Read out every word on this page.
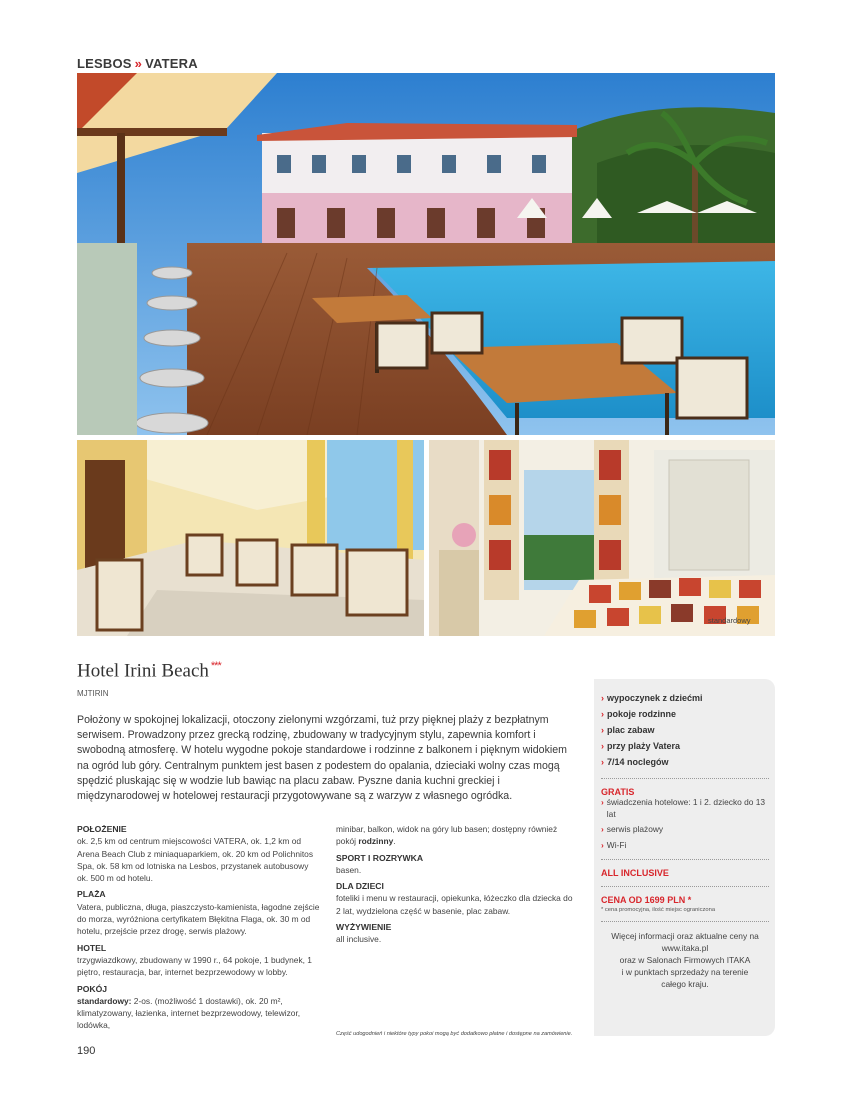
LESBOS » VATERA
standardowy
Hotel Irini Beach ***
MJTIRIN
Położony w spokojnej lokalizacji, otoczony zielonymi wzgórzami, tuż przy pięknej plaży z bezpłatnym serwisem. Prowadzony przez grecką rodzinę, zbudowany w tradycyjnym stylu, zapewnia komfort i swobodną atmosferę. W hotelu wygodne pokoje standardowe i rodzinne z balkonem i pięknym widokiem na ogród lub góry. Centralnym punktem jest basen z podestem do opalania, dzieciaki wolny czas mogą spędzić pluskając się w wodzie lub bawiąc na placu zabaw. Pyszne dania kuchni greckiej i międzynarodowej w hotelowej restauracji przygotowywane są z warzyw z własnego ogródka.
POŁOŻENIE
ok. 2,5 km od centrum miejscowości VATERA, ok. 1,2 km od Arena Beach Club z miniaquaparkiem, ok. 20 km od Polichnitos Spa, ok. 58 km od lotniska na Lesbos, przystanek autobusowy ok. 500 m od hotelu.
PLAŻA
Vatera, publiczna, długa, piaszczysto-kamienista, łagodne zejście do morza, wyróżniona certyfikatem Błękitna Flaga, ok. 30 m od hotelu, przejście przez drogę, serwis plażowy.
HOTEL
trzygwiazdkowy, zbudowany w 1990 r., 64 pokoje, 1 budynek, 1 piętro, restauracja, bar, internet bezprzewodowy w lobby.
POKÓJ
standardowy: 2-os. (możliwość 1 dostawki), ok. 20 m², klimatyzowany, łazienka, internet bezprzewodowy, telewizor, lodówka,
minibar, balkon, widok na góry lub basen; dostępny również pokój rodzinny.
SPORT I ROZRYWKA
basen.
DLA DZIECI
foteliki i menu w restauracji, opiekunka, łóżeczko dla dziecka do 2 lat, wydzielona część w basenie, plac zabaw.
WYŻYWIENIE
all inclusive.
Część udogodnień i niektóre typy pokoi mogą być dodatkowo płatne i dostępne na zamówienie.
190
› wypoczynek z dziećmi
› pokoje rodzinne
› plac zabaw
› przy plaży Vatera
› 7/14 noclegów
GRATIS
› świadczenia hotelowe: 1 i 2. dziecko do 13 lat
› serwis plażowy
› Wi-Fi
ALL INCLUSIVE
CENA OD 1699 PLN *
* cena promocyjna, ilość miejsc ograniczona
Więcej informacji oraz aktualne ceny na
www.itaka.pl
oraz w Salonach Firmowych ITAKA
i w punktach sprzedaży na terenie
całego kraju.
